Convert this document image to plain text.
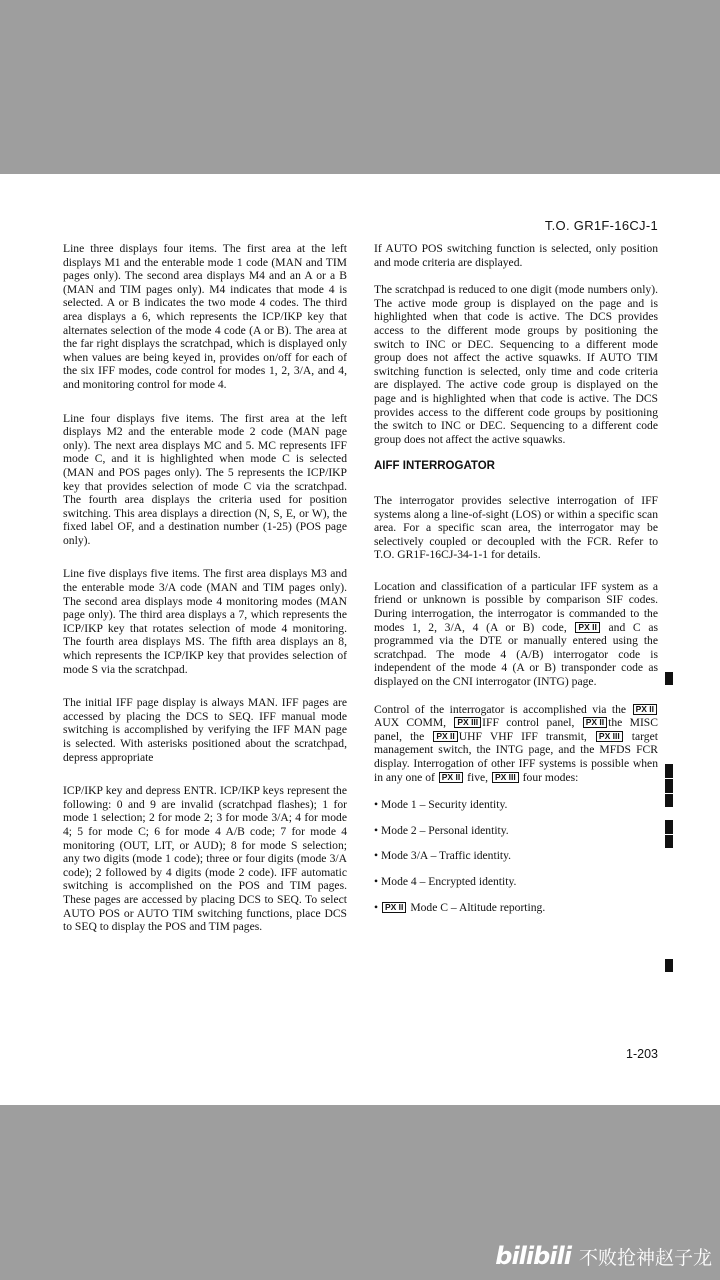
T.O. GR1F-16CJ-1

Line three displays four items. The first area at the left displays M1 and the enterable mode 1 code (MAN and TIM pages only). The second area displays M4 and an A or a B (MAN and TIM pages only). M4 indicates that mode 4 is selected. A or B indicates the two mode 4 codes. The third area displays a 6, which represents the ICP/IKP key that alternates selection of the mode 4 code (A or B). The area at the far right displays the scratchpad, which is displayed only when values are being keyed in, provides on/off for each of the six IFF modes, code control for modes 1, 2, 3/A, and 4, and monitoring control for mode 4.

Line four displays five items. The first area at the left displays M2 and the enterable mode 2 code (MAN page only). The next area displays MC and 5. MC represents IFF mode C, and it is highlighted when mode C is selected (MAN and POS pages only). The 5 represents the ICP/IKP key that provides selection of mode C via the scratchpad. The fourth area displays the criteria used for position switching. This area displays a direction (N, S, E, or W), the fixed label OF, and a destination number (1-25) (POS page only).

Line five displays five items. The first area displays M3 and the enterable mode 3/A code (MAN and TIM pages only). The second area displays mode 4 monitoring modes (MAN page only). The third area displays a 7, which represents the ICP/IKP key that rotates selection of mode 4 monitoring. The fourth area displays MS. The fifth area displays an 8, which represents the ICP/IKP key that provides selection of mode S via the scratchpad.

The initial IFF page display is always MAN. IFF pages are accessed by placing the DCS to SEQ. IFF manual mode switching is accomplished by verifying the IFF MAN page is selected. With asterisks positioned about the scratchpad, depress appropriate

ICP/IKP key and depress ENTR. ICP/IKP keys represent the following: 0 and 9 are invalid (scratchpad flashes); 1 for mode 1 selection; 2 for mode 2; 3 for mode 3/A; 4 for mode 4; 5 for mode C; 6 for mode 4 A/B code; 7 for mode 4 monitoring (OUT, LIT, or AUD); 8 for mode S selection; any two digits (mode 1 code); three or four digits (mode 3/A code); 2 followed by 4 digits (mode 2 code). IFF automatic switching is accomplished on the POS and TIM pages. These pages are accessed by placing DCS to SEQ. To select AUTO POS or AUTO TIM switching functions, place DCS to SEQ to display the POS and TIM pages.

If AUTO POS switching function is selected, only position and mode criteria are displayed.

The scratchpad is reduced to one digit (mode numbers only). The active mode group is displayed on the page and is highlighted when that code is active. The DCS provides access to the different mode groups by positioning the switch to INC or DEC. Sequencing to a different mode group does not affect the active squawks. If AUTO TIM switching function is selected, only time and code criteria are displayed. The active code group is displayed on the page and is highlighted when that code is active. The DCS provides access to the different code groups by positioning the switch to INC or DEC. Sequencing to a different code group does not affect the active squawks.

AIFF INTERROGATOR

The interrogator provides selective interrogation of IFF systems along a line-of-sight (LOS) or within a specific scan area. For a specific scan area, the interrogator may be selectively coupled or decoupled with the FCR. Refer to T.O. GR1F-16CJ-34-1-1 for details.

Location and classification of a particular IFF system as a friend or unknown is possible by comparison SIF codes. During interrogation, the interrogator is commanded to the modes 1, 2, 3/A, 4 (A or B) code, PX II and C as programmed via the DTE or manually entered using the scratchpad. The mode 4 (A/B) interrogator code is independent of the mode 4 (A or B) transponder code as displayed on the CNI interrogator (INTG) page.

Control of the interrogator is accomplished via the PX IIAUX COMM, PX III IFF control panel, PX II the MISC panel, the PX II UHF VHF IFF transmit, PX III target management switch, the INTG page, and the MFDS FCR display. Interrogation of other IFF systems is possible when in any one of PX II five, PX III four modes:

• Mode 1 – Security identity.
• Mode 2 – Personal identity.
• Mode 3/A – Traffic identity.
• Mode 4 – Encrypted identity.
• PX II Mode C – Altitude reporting.
1-203
bilibili 不败抢神赵子龙
